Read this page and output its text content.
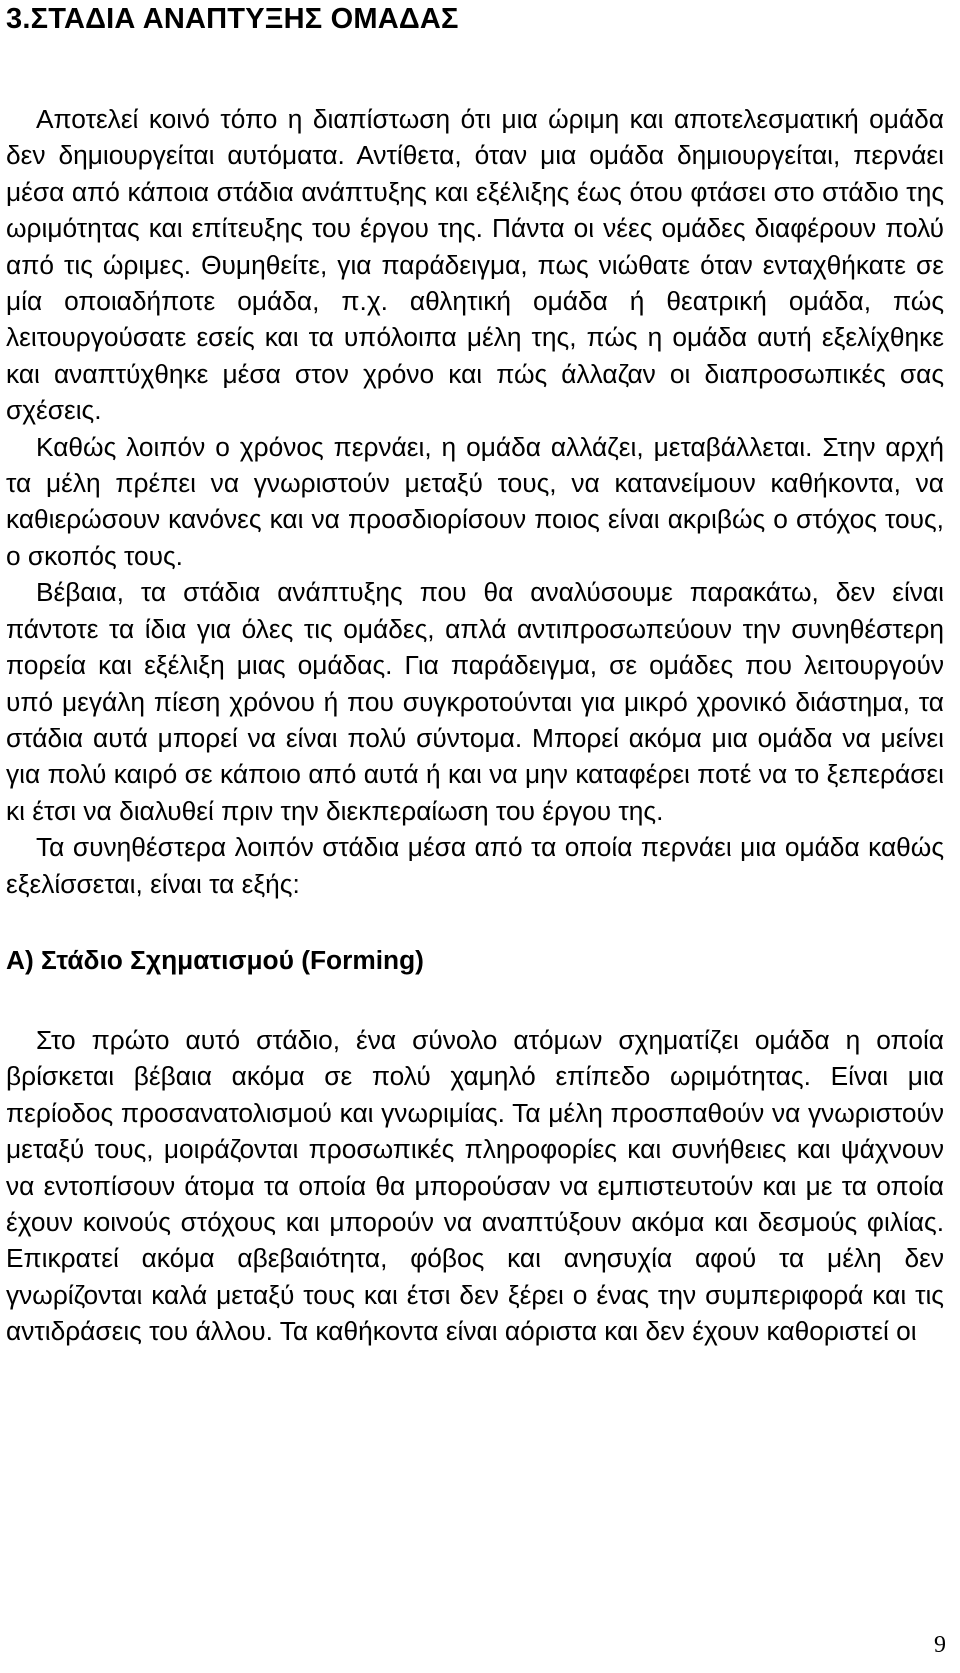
3.ΣΤΑΔΙΑ ΑΝΑΠΤΥΞΗΣ ΟΜΑΔΑΣ

Αποτελεί κοινό τόπο η διαπίστωση ότι μια ώριμη και αποτελεσματική ομάδα δεν δημιουργείται αυτόματα. Αντίθετα, όταν μια ομάδα δημιουργείται, περνάει μέσα από κάποια στάδια ανάπτυξης και εξέλιξης έως ότου φτάσει στο στάδιο της ωριμότητας και επίτευξης του έργου της. Πάντα οι νέες ομάδες διαφέρουν πολύ από τις ώριμες. Θυμηθείτε, για παράδειγμα, πως νιώθατε όταν ενταχθήκατε σε μία οποιαδήποτε ομάδα, π.χ. αθλητική ομάδα ή θεατρική ομάδα, πώς λειτουργούσατε εσείς και τα υπόλοιπα μέλη της, πώς η ομάδα αυτή εξελίχθηκε και αναπτύχθηκε μέσα στον χρόνο και πώς άλλαζαν οι διαπροσωπικές σας σχέσεις.

Καθώς λοιπόν ο χρόνος περνάει, η ομάδα αλλάζει, μεταβάλλεται. Στην αρχή τα μέλη πρέπει να γνωριστούν μεταξύ τους, να κατανείμουν καθήκοντα, να καθιερώσουν κανόνες και να προσδιορίσουν ποιος είναι ακριβώς ο στόχος τους, ο σκοπός τους.

Βέβαια, τα στάδια ανάπτυξης που θα αναλύσουμε παρακάτω, δεν είναι πάντοτε τα ίδια για όλες τις ομάδες, απλά αντιπροσωπεύουν την συνηθέστερη πορεία και εξέλιξη μιας ομάδας. Για παράδειγμα, σε ομάδες που λειτουργούν υπό μεγάλη πίεση χρόνου ή που συγκροτούνται για μικρό χρονικό διάστημα, τα στάδια αυτά μπορεί να είναι πολύ σύντομα. Μπορεί ακόμα μια ομάδα να μείνει για πολύ καιρό σε κάποιο από αυτά ή και να μην καταφέρει ποτέ να το ξεπεράσει κι έτσι να διαλυθεί πριν την διεκπεραίωση του έργου της.

Τα συνηθέστερα λοιπόν στάδια μέσα από τα οποία περνάει μια ομάδα καθώς εξελίσσεται, είναι τα εξής:

Α) Στάδιο Σχηματισμού (Forming)

Στο πρώτο αυτό στάδιο, ένα σύνολο ατόμων σχηματίζει ομάδα η οποία βρίσκεται βέβαια ακόμα σε πολύ χαμηλό επίπεδο ωριμότητας. Είναι μια περίοδος προσανατολισμού και γνωριμίας. Τα μέλη προσπαθούν να γνωριστούν μεταξύ τους, μοιράζονται προσωπικές πληροφορίες και συνήθειες και ψάχνουν να εντοπίσουν άτομα τα οποία θα μπορούσαν να εμπιστευτούν και με τα οποία έχουν κοινούς στόχους και μπορούν να αναπτύξουν ακόμα και δεσμούς φιλίας. Επικρατεί ακόμα αβεβαιότητα, φόβος και ανησυχία αφού τα μέλη δεν γνωρίζονται καλά μεταξύ τους και έτσι δεν ξέρει ο ένας την συμπεριφορά και τις αντιδράσεις του άλλου. Τα καθήκοντα είναι αόριστα και δεν έχουν καθοριστεί οι

9
